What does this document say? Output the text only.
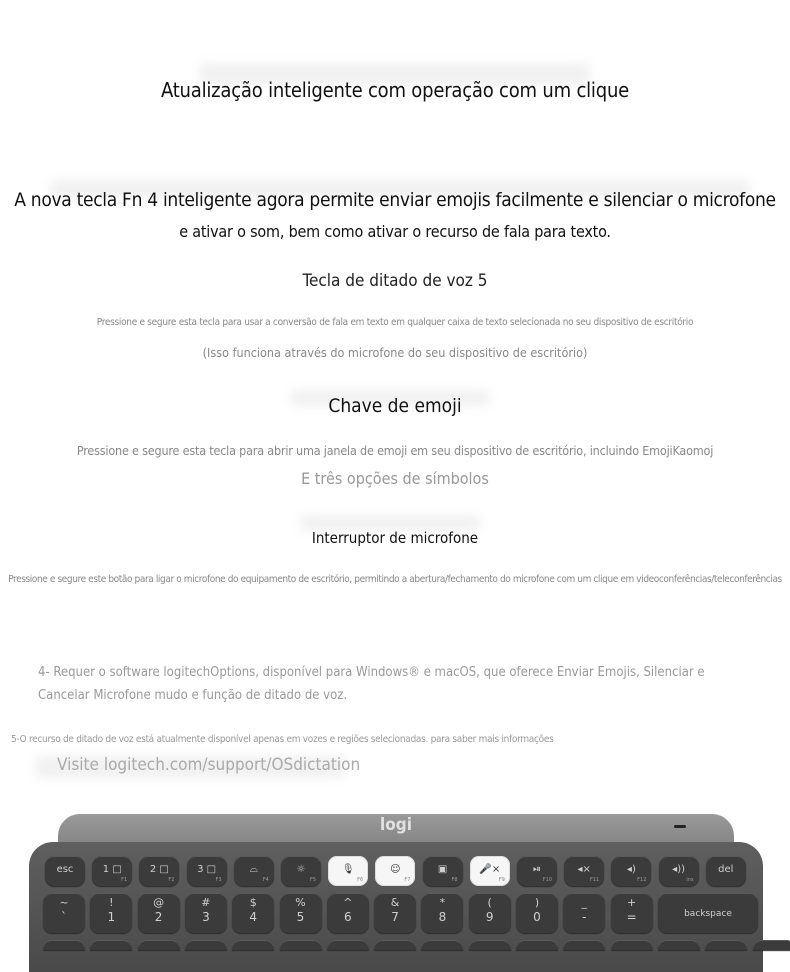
Atualização inteligente com operação com um clique
A nova tecla Fn 4 inteligente agora permite enviar emojis facilmente e silenciar o microfone
e ativar o som, bem como ativar o recurso de fala para texto.
Tecla de ditado de voz 5
Pressione e segure esta tecla para usar a conversão de fala em texto em qualquer caixa de texto selecionada no seu dispositivo de escritório
(Isso funciona através do microfone do seu dispositivo de escritório)
Chave de emoji
Pressione e segure esta tecla para abrir uma janela de emoji em seu dispositivo de escritório, incluindo EmojiKaomoj
E três opções de símbolos
Interruptor de microfone
Pressione e segure este botão para ligar o microfone do equipamento de escritório, permitindo a abertura/fechamento do microfone com um clique em videoconferências/teleconferências
4- Requer o software logitechOptions, disponível para Windows® e macOS, que oferece Enviar Emojis, Silenciar e Cancelar Microfone mudo e função de ditado de voz.
5-O recurso de ditado de voz está atualmente disponível apenas em vozes e regiões selecionadas. para saber mais informações
Visite logitech.com/support/OSdictation
logi
esc	1 □
F1
2 □
F2
3 □
F3
⌓
F4
☼
F5
🎙
F6
☺
F7
▣
F8
🎤×
F9
⏯
F10
◂×
F11
◂)
F12
◂))
ins
del
~
`
!
1
@
2
#
3
$
4
%
5
^
6
&
7
*
8
(
9
)
0
_
-
+
=	backspace
